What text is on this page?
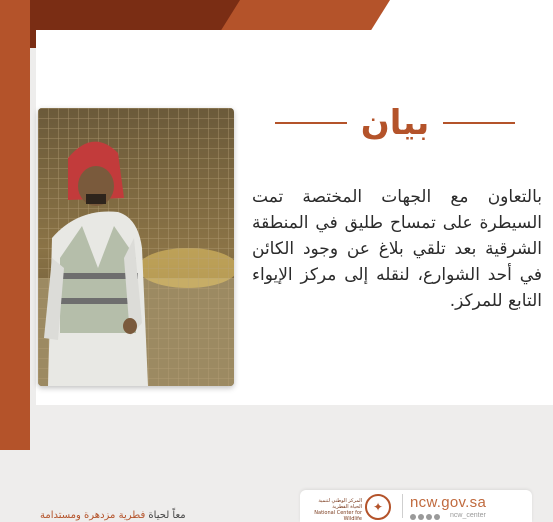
بيان

بالتعاون مع الجهات المختصة تمت السيطرة على تمساح طليق في المنطقة الشرقية بعد تلقي بلاغ عن وجود الكائن في أحد الشوارع، لنقله إلى مركز الإيواء التابع للمركز.

المركز الوطني لتنمية الحياة الفطرية National Center for Wildlife
✦	ncw.gov.sa
ncw_center
معاً لحياة فطرية مزدهرة ومستدامة
